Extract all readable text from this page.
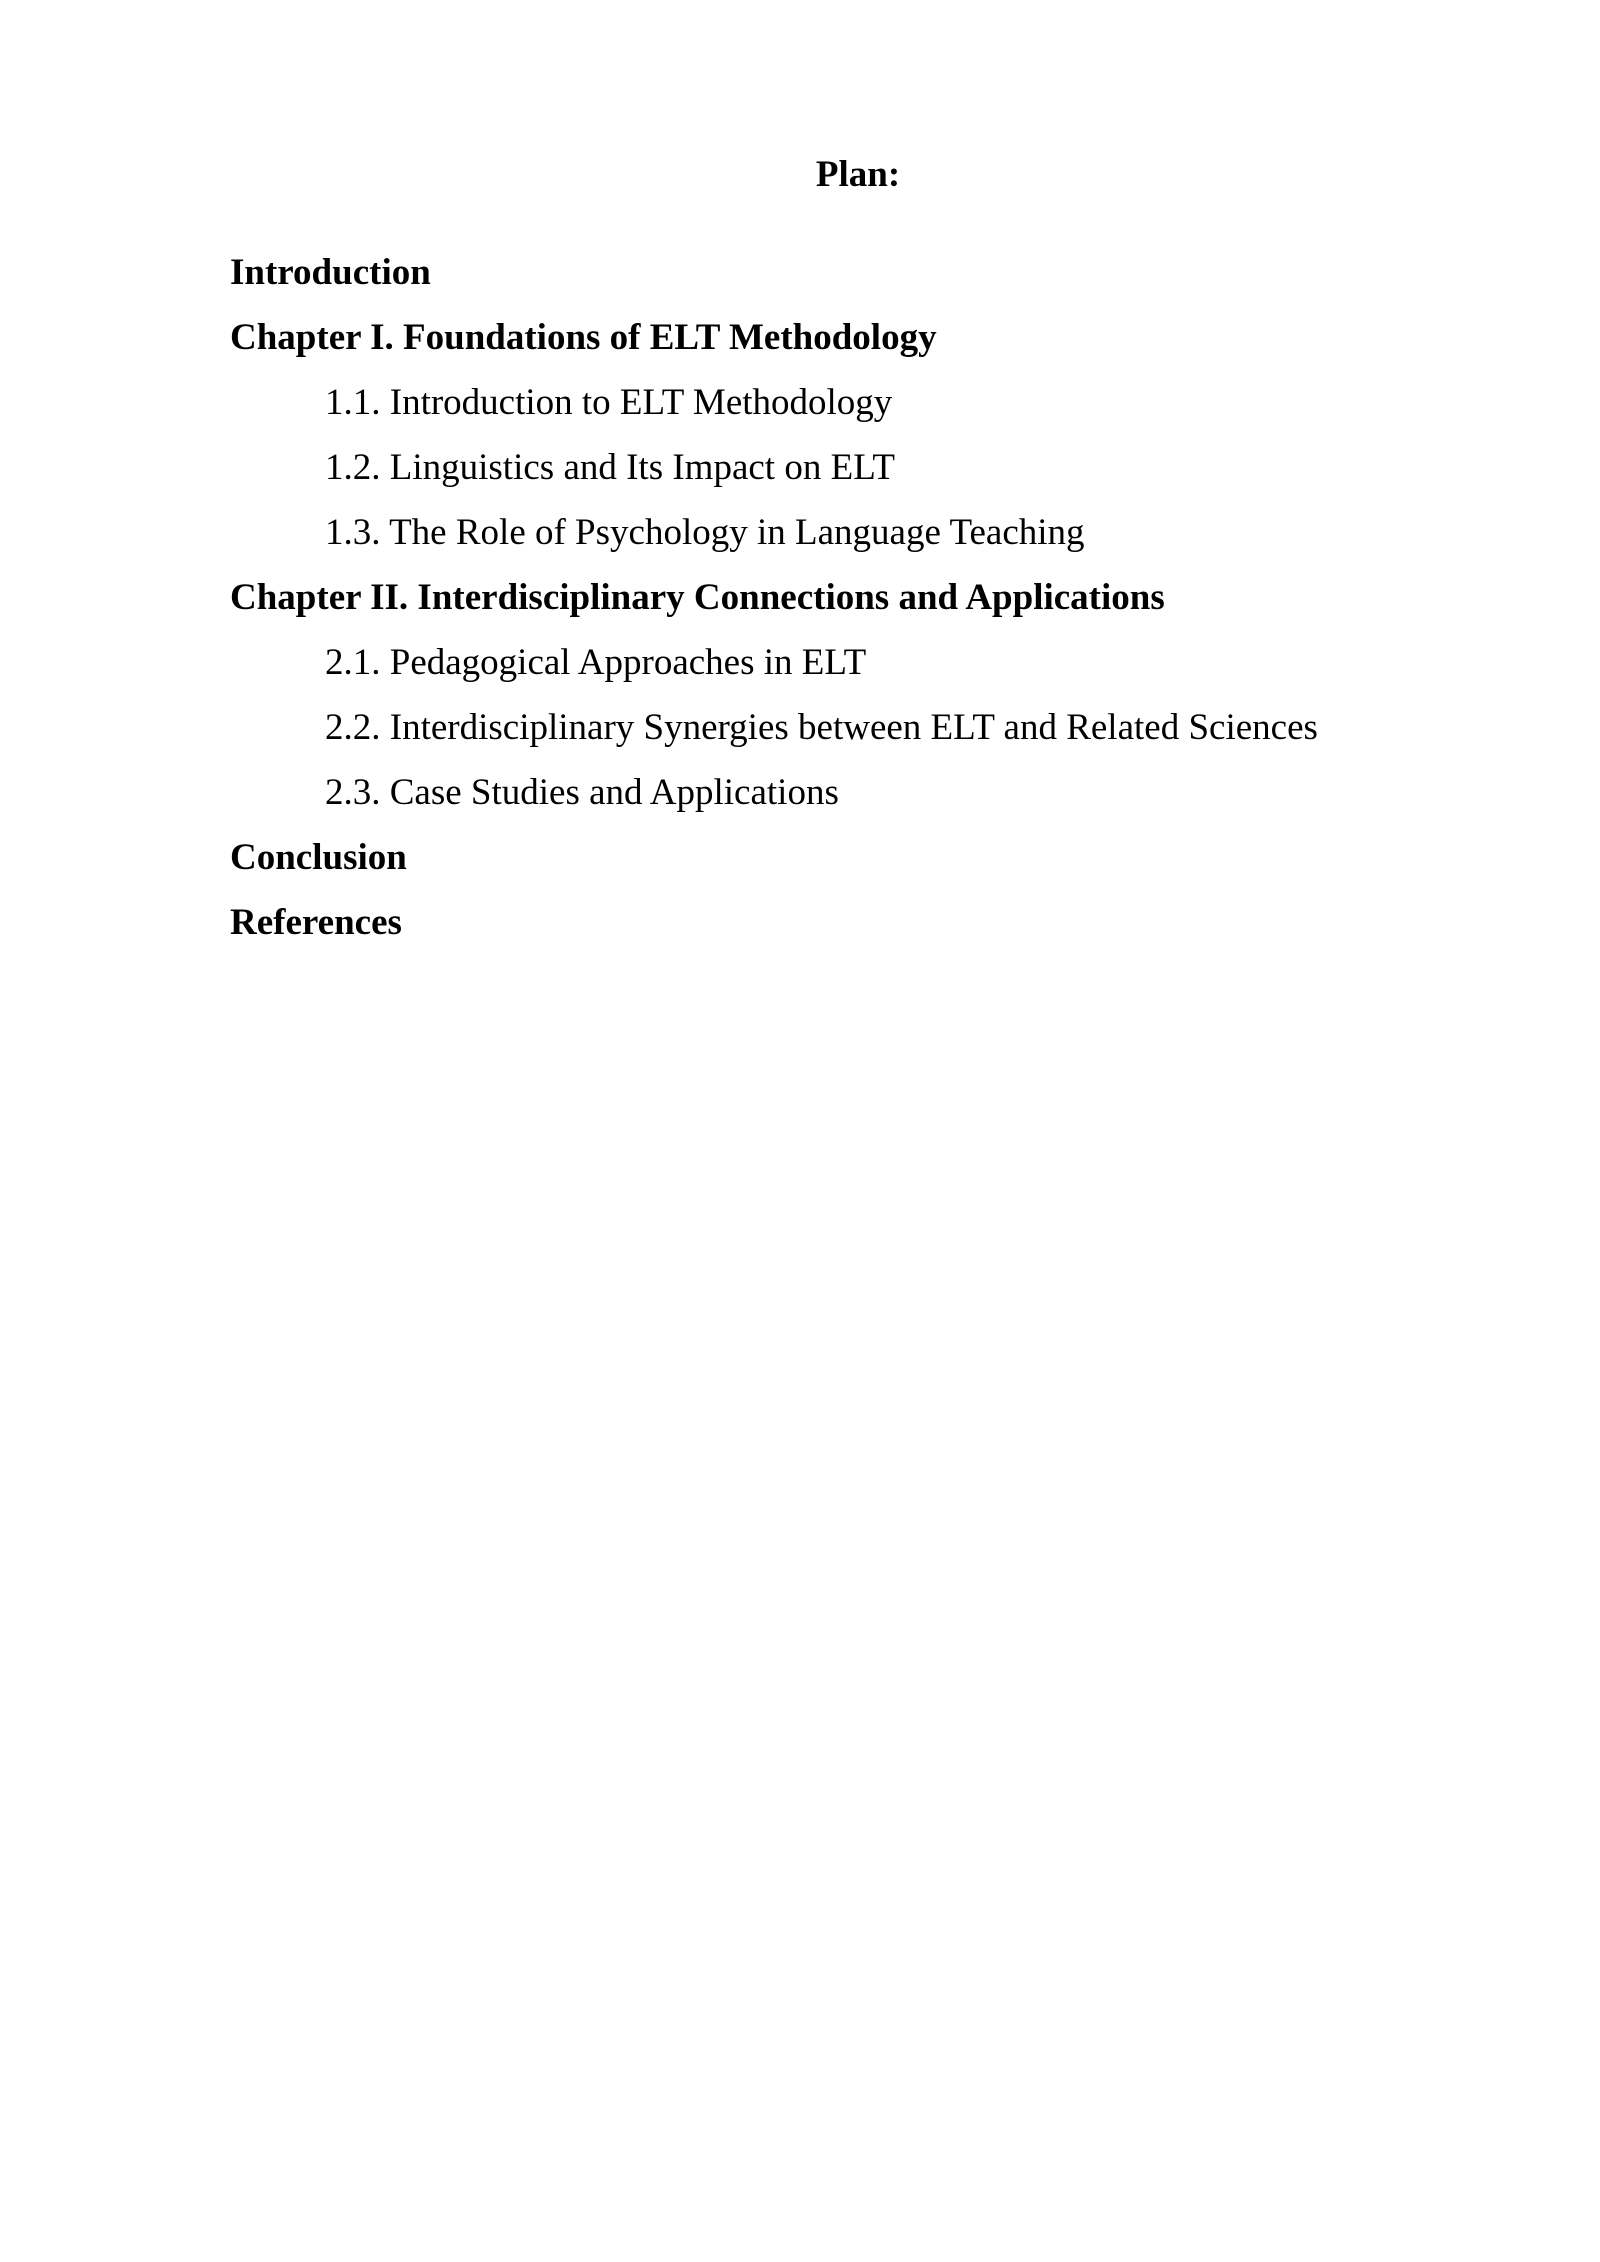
Plan:
Introduction
Chapter I. Foundations of ELT Methodology
1.1. Introduction to ELT Methodology
1.2. Linguistics and Its Impact on ELT
1.3. The Role of Psychology in Language Teaching
Chapter II. Interdisciplinary Connections and Applications
2.1. Pedagogical Approaches in ELT
2.2. Interdisciplinary Synergies between ELT and Related Sciences
2.3. Case Studies and Applications
Conclusion
References
